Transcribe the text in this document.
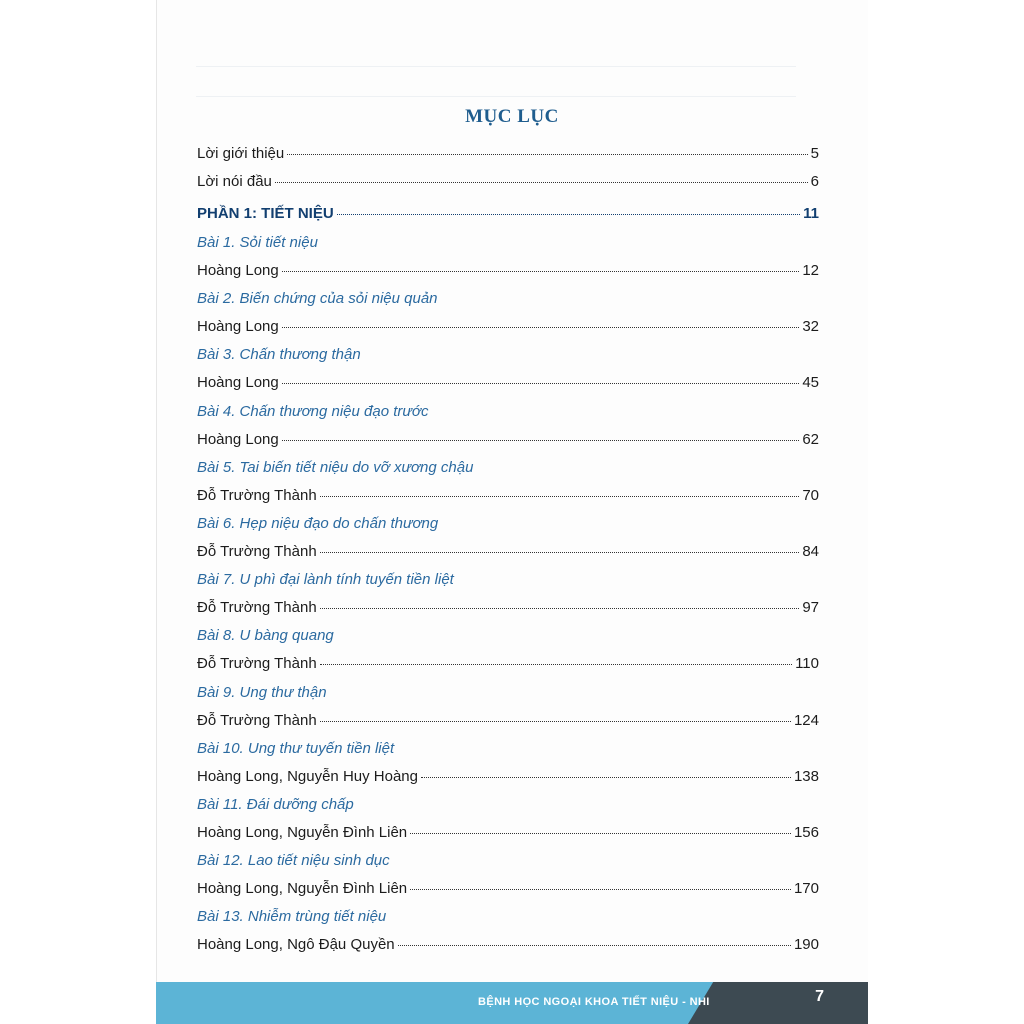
MỤC LỤC
Lời giới thiệu	5
Lời nói đầu	6
PHẦN 1: TIẾT NIỆU	11
Bài 1. Sỏi tiết niệu
Hoàng Long	12
Bài 2. Biến chứng của sỏi niệu quản
Hoàng Long	32
Bài 3. Chấn thương thận
Hoàng Long	45
Bài 4. Chấn thương niệu đạo trước
Hoàng Long	62
Bài 5. Tai biến tiết niệu do vỡ xương chậu
Đỗ Trường Thành	70
Bài 6. Hẹp niệu đạo do chấn thương
Đỗ Trường Thành	84
Bài 7. U phì đại lành tính tuyến tiền liệt
Đỗ Trường Thành	97
Bài 8. U bàng quang
Đỗ Trường Thành	110
Bài 9. Ung thư thận
Đỗ Trường Thành	124
Bài 10. Ung thư tuyến tiền liệt
Hoàng Long, Nguyễn Huy Hoàng	138
Bài 11. Đái dưỡng chấp
Hoàng Long, Nguyễn Đình Liên	156
Bài 12. Lao tiết niệu sinh dục
Hoàng Long, Nguyễn Đình Liên	170
Bài 13. Nhiễm trùng tiết niệu
Hoàng Long, Ngô Đậu Quyền	190
BỆNH HỌC NGOẠI KHOA TIẾT NIỆU - NHI	7
